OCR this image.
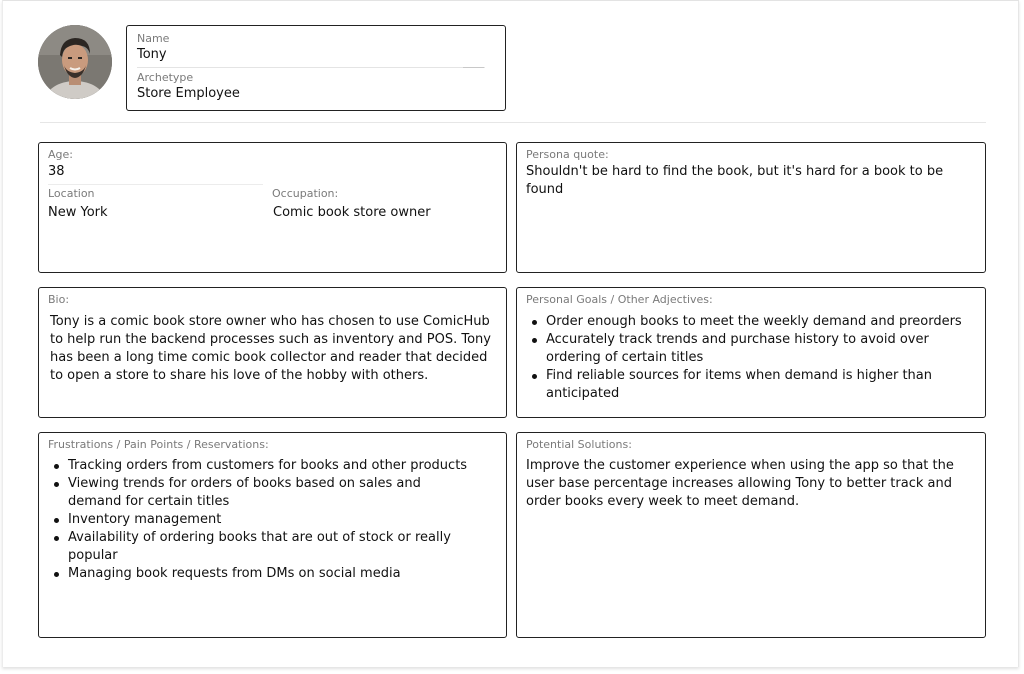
Name
Tony
Archetype
Store Employee
Age:
38
Location
New York
Occupation:
Comic book store owner
Persona quote:
Shouldn't be hard to find the book, but it's hard for a book to be found
Bio:
Tony is a comic book store owner who has chosen to use ComicHub to help run the backend processes such as inventory and POS. Tony has been a long time comic book collector and reader that decided to open a store to share his love of the hobby with others.
Personal Goals / Other Adjectives:
Order enough books to meet the weekly demand and preorders
Accurately track trends and purchase history to avoid over ordering of certain titles
Find reliable sources for items when demand is higher than anticipated
Frustrations / Pain Points / Reservations:
Tracking orders from customers for books and other products
Viewing trends for orders of books based on sales and demand for certain titles
Inventory management
Availability of ordering books that are out of stock or really popular
Managing book requests from DMs on social media
Potential Solutions:
Improve the customer experience when using the app so that the user base percentage increases allowing Tony to better track and order books every week to meet demand.
